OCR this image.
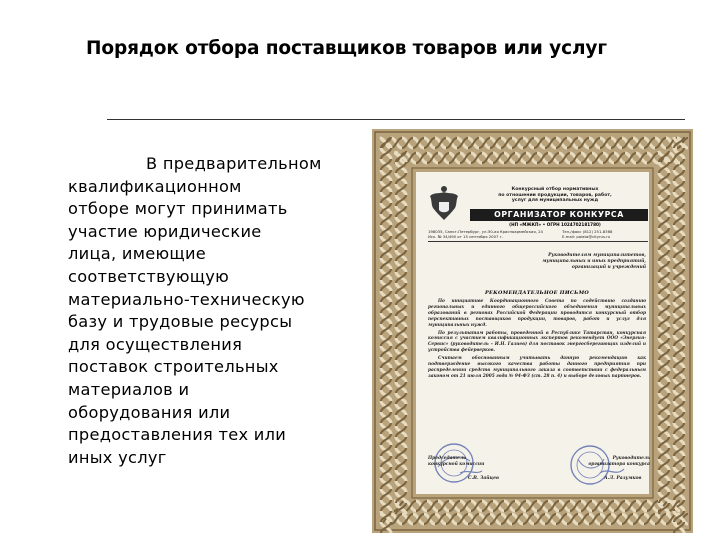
Порядок отбора поставщиков товаров или услуг
В предварительном
квалификационном
отборе могут принимать
участие юридические
лица, имеющие
соответствующую
материально-техническую
базу и трудовые ресурсы
для осуществления
поставок строительных
материалов и
оборудования или
предоставления тех или
иных услуг
Конкурсный отбор нормативных
по отношении продукции, товаров, работ,
услуг для муниципальных нужд
ОРГАНИЗАТОР КОНКУРСА
(НП «МЖКП» • ОГРН 1024702181780)
198035, Санкт-Петербург, ул.Э0-ая Красноармейская, 24
Исх. № 34/490 от 15 сентября 2007 г.
Тел./факс (812) 251-8368
E-mail: palata@cityrus.ru
Руководителям муниципалитетов,
муниципальных и иных предприятий,
организаций и учреждений
РЕКОМЕНДАТЕЛЬНОЕ ПИСЬМО

По инициативе Координационного Совета по содействию созданию региональных и единного общероссийского объединения муниципальных образований в регионах Российской Федерации проводится конкурсный отбор перспективных поставщиков продукции, товаров, работ и услуг для муниципальных нужд.

По результатам работы, проведенной в Республике Татарстан, конкурсная комиссия с участием квалификационных экспертов рекомендует ООО «Энергия-Сервис» (руководитель – И.Н. Газиев) для поставок энергосберегающих изделий и устройства фейерверков.

Считаем обоснованным учитывать данную рекомендацию как подтверждение высокого качества работы данного предприятия при распределении средств муниципального заказа в соответствии с федеральным законом от 21 июля 2005 года № 94-ФЗ (ст. 28 п. 4) и выборе деловых партнеров.

Председатель
конкурсной комиссии
Руководитель
организатора конкурса
С.В. Зайцев	А.Л. Разумков
